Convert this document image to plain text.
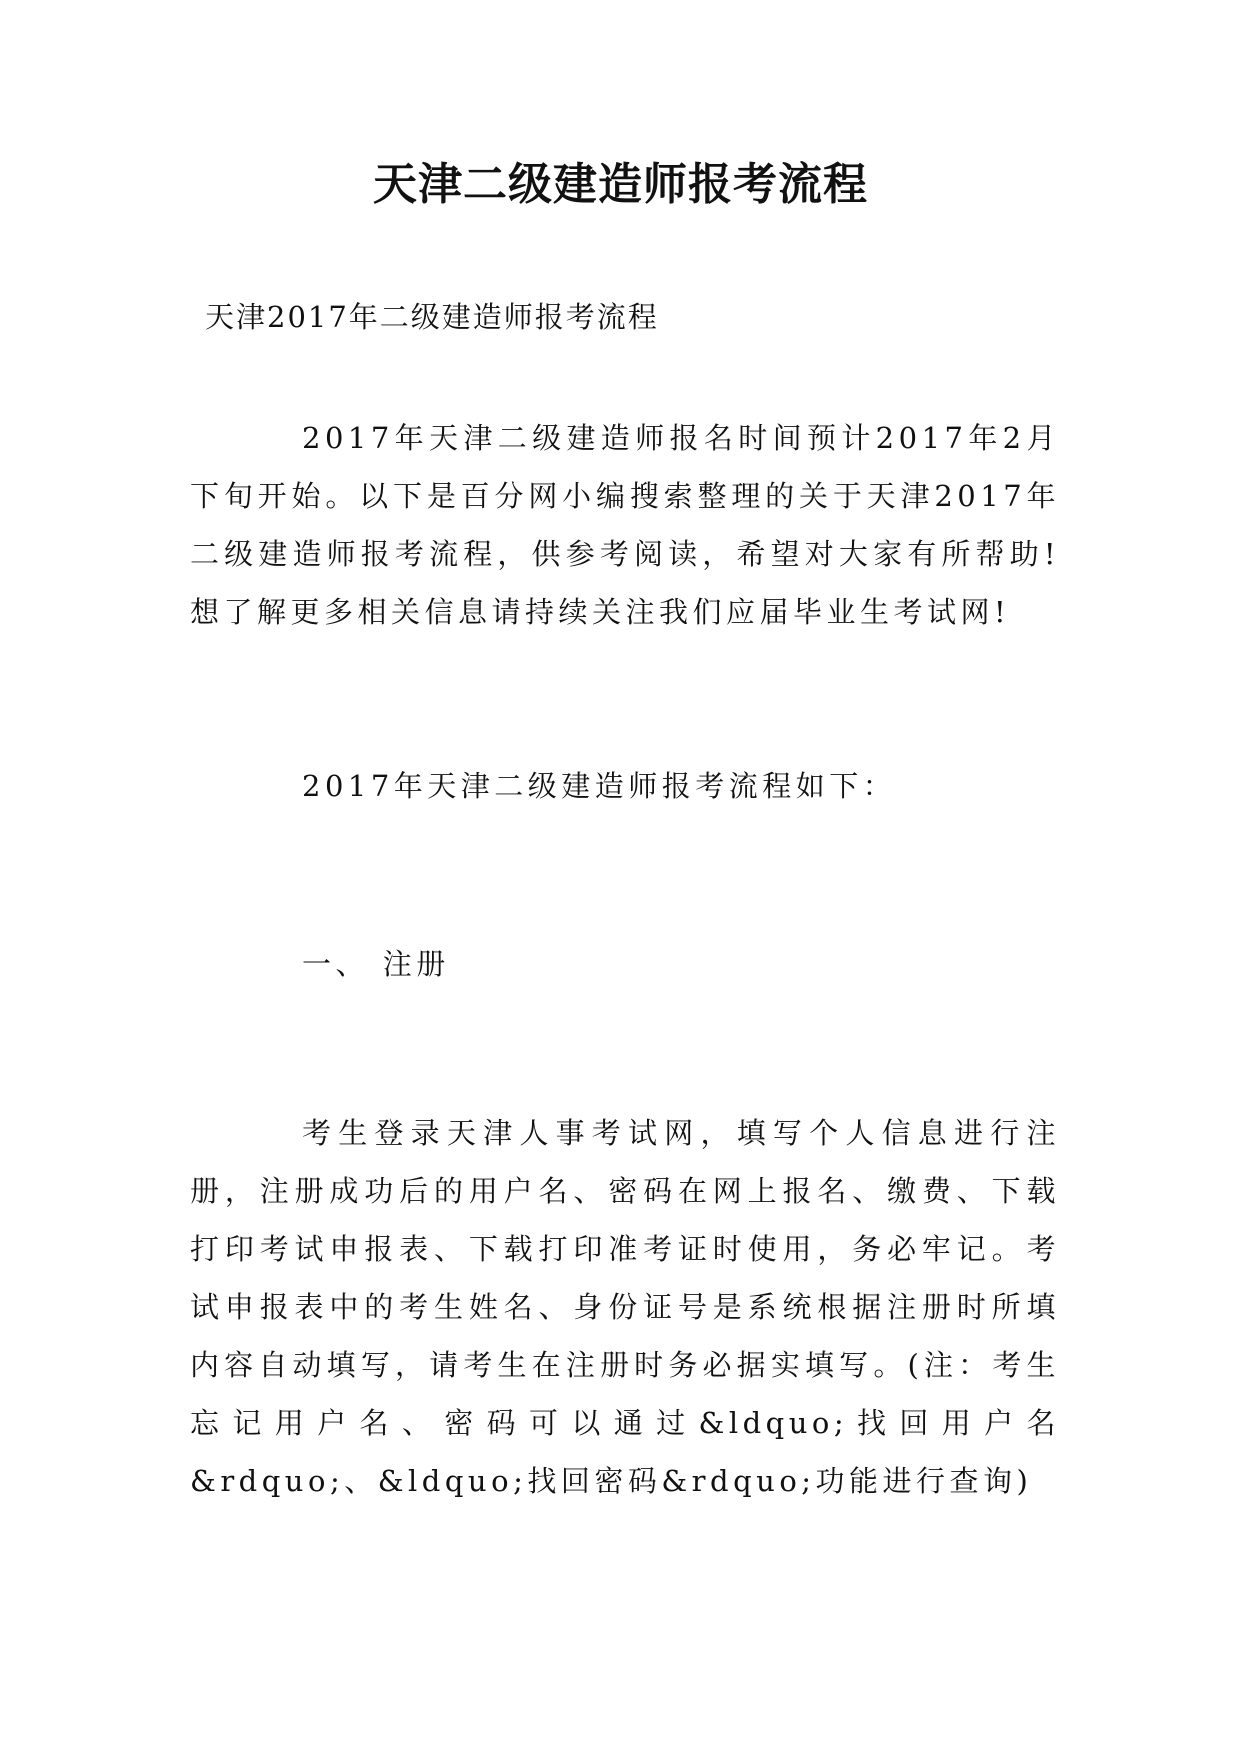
天津二级建造师报考流程
天津2017年二级建造师报考流程

2017年天津二级建造师报名时间预计2017年2月下旬开始。以下是百分网小编搜索整理的关于天津2017年二级建造师报考流程，供参考阅读，希望对大家有所帮助!想了解更多相关信息请持续关注我们应届毕业生考试网!

2017年天津二级建造师报考流程如下：

一、 注册

考生登录天津人事考试网，填写个人信息进行注册，注册成功后的用户名、密码在网上报名、缴费、下载打印考试申报表、下载打印准考证时使用，务必牢记。考试申报表中的考生姓名、身份证号是系统根据注册时所填内容自动填写，请考生在注册时务必据实填写。(注：考生忘记用户名、密码可以通过&ldquo;找回用户名&rdquo;、&ldquo;找回密码&rdquo;功能进行查询)
